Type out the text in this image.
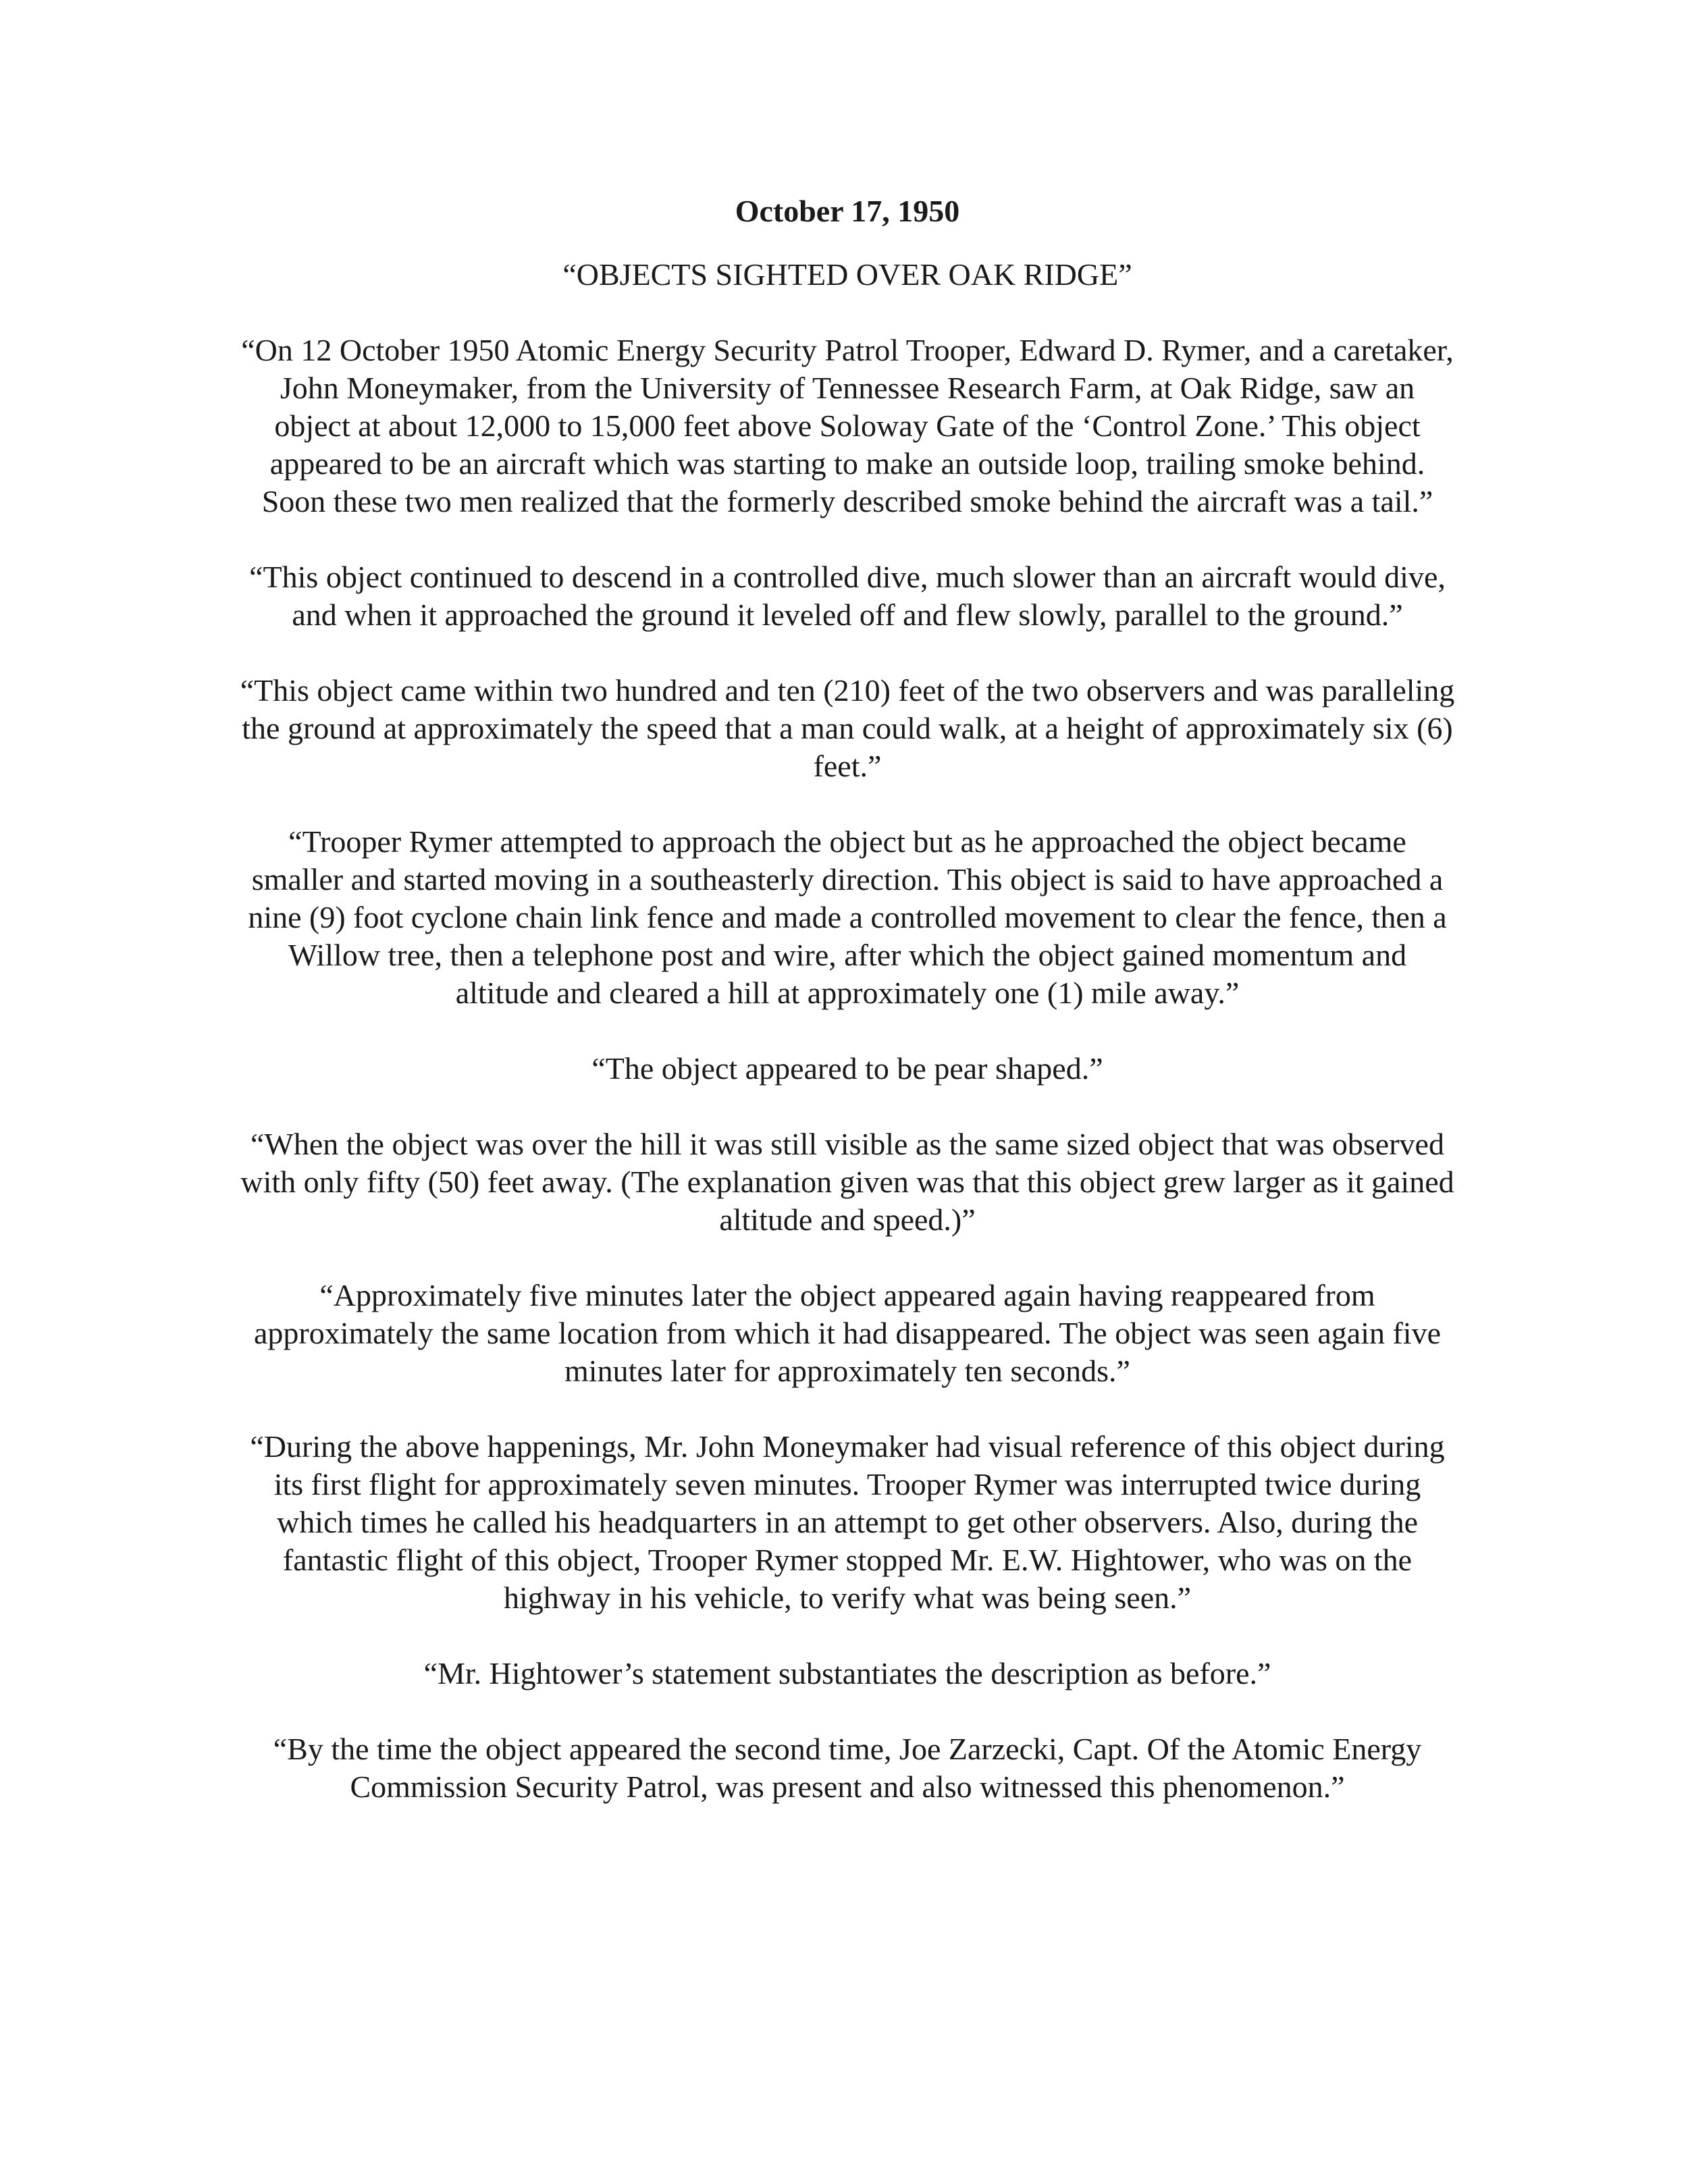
October 17, 1950
“OBJECTS SIGHTED OVER OAK RIDGE”
“On 12 October 1950 Atomic Energy Security Patrol Trooper, Edward D. Rymer, and a caretaker, John Moneymaker, from the University of Tennessee Research Farm, at Oak Ridge, saw an object at about 12,000 to 15,000 feet above Soloway Gate of the ‘Control Zone.’ This object appeared to be an aircraft which was starting to make an outside loop, trailing smoke behind. Soon these two men realized that the formerly described smoke behind the aircraft was a tail.”
“This object continued to descend in a controlled dive, much slower than an aircraft would dive, and when it approached the ground it leveled off and flew slowly, parallel to the ground.”
“This object came within two hundred and ten (210) feet of the two observers and was paralleling the ground at approximately the speed that a man could walk, at a height of approximately six (6) feet.”
“Trooper Rymer attempted to approach the object but as he approached the object became smaller and started moving in a southeasterly direction. This object is said to have approached a nine (9) foot cyclone chain link fence and made a controlled movement to clear the fence, then a Willow tree, then a telephone post and wire, after which the object gained momentum and altitude and cleared a hill at approximately one (1) mile away.”
“The object appeared to be pear shaped.”
“When the object was over the hill it was still visible as the same sized object that was observed with only fifty (50) feet away. (The explanation given was that this object grew larger as it gained altitude and speed.)”
“Approximately five minutes later the object appeared again having reappeared from approximately the same location from which it had disappeared. The object was seen again five minutes later for approximately ten seconds.”
“During the above happenings, Mr. John Moneymaker had visual reference of this object during its first flight for approximately seven minutes. Trooper Rymer was interrupted twice during which times he called his headquarters in an attempt to get other observers. Also, during the fantastic flight of this object, Trooper Rymer stopped Mr. E.W. Hightower, who was on the highway in his vehicle, to verify what was being seen.”
“Mr. Hightower’s statement substantiates the description as before.”
“By the time the object appeared the second time, Joe Zarzecki, Capt. Of the Atomic Energy Commission Security Patrol, was present and also witnessed this phenomenon.”
